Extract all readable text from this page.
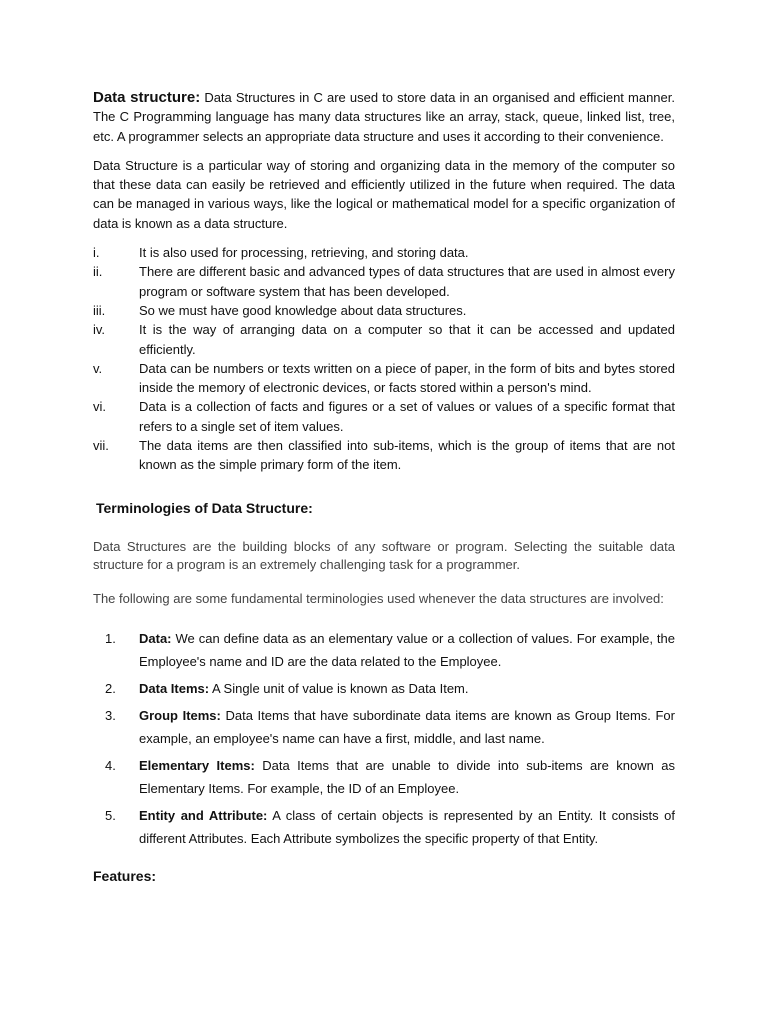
Data structure: Data Structures in C are used to store data in an organised and efficient manner. The C Programming language has many data structures like an array, stack, queue, linked list, tree, etc. A programmer selects an appropriate data structure and uses it according to their convenience.

Data Structure is a particular way of storing and organizing data in the memory of the computer so that these data can easily be retrieved and efficiently utilized in the future when required. The data can be managed in various ways, like the logical or mathematical model for a specific organization of data is known as a data structure.

i.	It is also used for processing, retrieving, and storing data.
ii.	There are different basic and advanced types of data structures that are used in almost every program or software system that has been developed.
iii.	So we must have good knowledge about data structures.
iv.	It is the way of arranging data on a computer so that it can be accessed and updated efficiently.
v.	Data can be numbers or texts written on a piece of paper, in the form of bits and bytes stored inside the memory of electronic devices, or facts stored within a person's mind.
vi.	Data is a collection of facts and figures or a set of values or values of a specific format that refers to a single set of item values.
vii.	The data items are then classified into sub-items, which is the group of items that are not known as the simple primary form of the item.
Terminologies of Data Structure:

Data Structures are the building blocks of any software or program. Selecting the suitable data structure for a program is an extremely challenging task for a programmer.

The following are some fundamental terminologies used whenever the data structures are involved:

1.	Data: We can define data as an elementary value or a collection of values. For example, the Employee's name and ID are the data related to the Employee.
2.	Data Items: A Single unit of value is known as Data Item.
3.	Group Items: Data Items that have subordinate data items are known as Group Items. For example, an employee's name can have a first, middle, and last name.
4.	Elementary Items: Data Items that are unable to divide into sub-items are known as Elementary Items. For example, the ID of an Employee.
5.	Entity and Attribute: A class of certain objects is represented by an Entity. It consists of different Attributes. Each Attribute symbolizes the specific property of that Entity.
Features:
